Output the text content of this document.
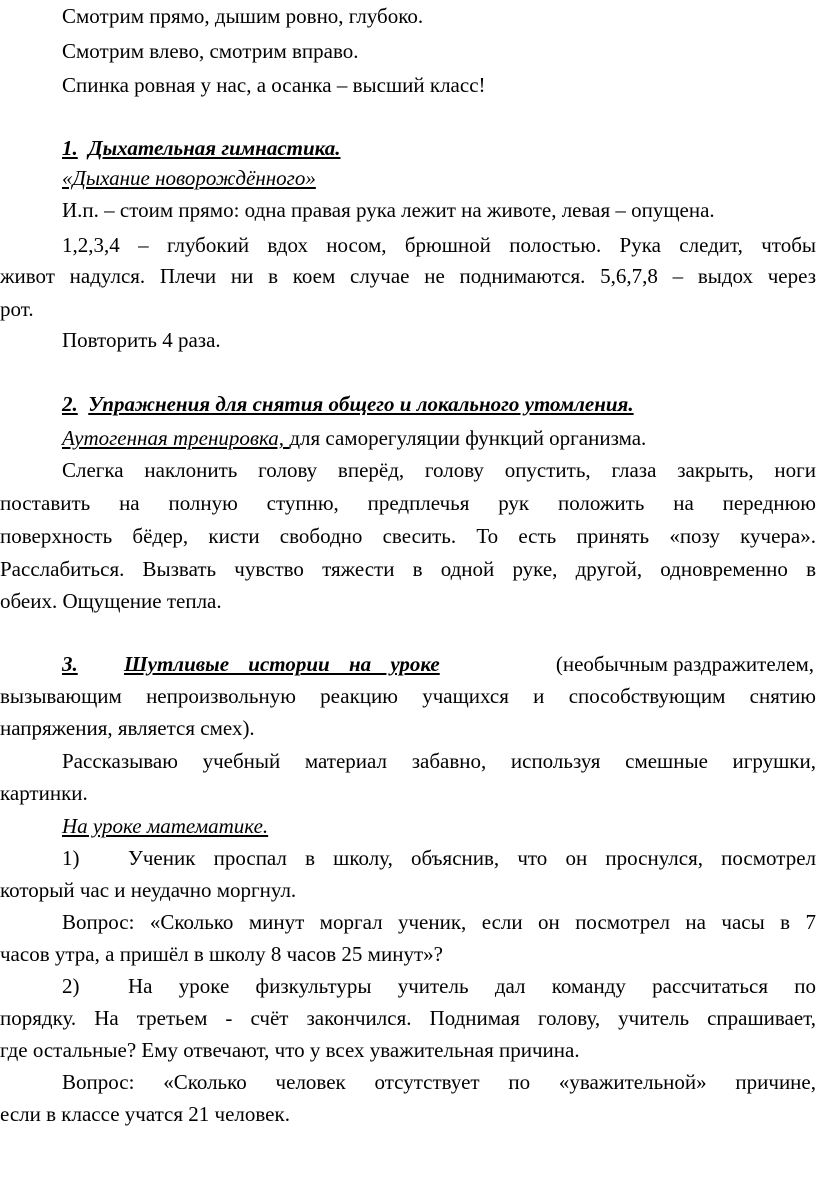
Смотрим прямо, дышим ровно, глубоко.
Смотрим влево, смотрим вправо.
Спинка ровная у нас, а осанка – высший класс!
1. Дыхательная гимнастика.
«Дыхание новорождённого»
И.п. – стоим прямо: одна правая рука лежит на животе, левая – опущена.
1,2,3,4 – глубокий вдох носом, брюшной полостью. Рука следит, чтобы
живот надулся. Плечи ни в коем случае не поднимаются. 5,6,7,8 – выдох через
рот.
Повторить 4 раза.
2. Упражнения для снятия общего и локального утомления.
Аутогенная тренировка, для саморегуляции функций организма.
Слегка наклонить голову вперёд, голову опустить, глаза закрыть, ноги
поставить на полную ступню, предплечья рук положить на переднюю
поверхность бёдер, кисти свободно свесить. То есть принять «позу кучера».
Расслабиться. Вызвать чувство тяжести в одной руке, другой, одновременно в
обеих. Ощущение тепла.
3. Шутливые истории на уроке	(необычным раздражителем,
вызывающим непроизвольную реакцию учащихся и способствующим снятию
напряжения, является смех).
Рассказываю учебный материал забавно, используя смешные игрушки,
картинки.
На уроке математике.
1)	Ученик проспал в школу, объяснив, что он проснулся, посмотрел
который час и неудачно моргнул.
Вопрос: «Сколько минут моргал ученик, если он посмотрел на часы в 7
часов утра, а пришёл в школу 8 часов 25 минут»?
2)	На уроке физкультуры учитель дал команду рассчитаться по
порядку. На третьем - счёт закончился. Поднимая голову, учитель спрашивает,
где остальные? Ему отвечают, что у всех уважительная причина.
Вопрос: «Сколько человек отсутствует по «уважительной» причине,
если в классе учатся 21 человек.
